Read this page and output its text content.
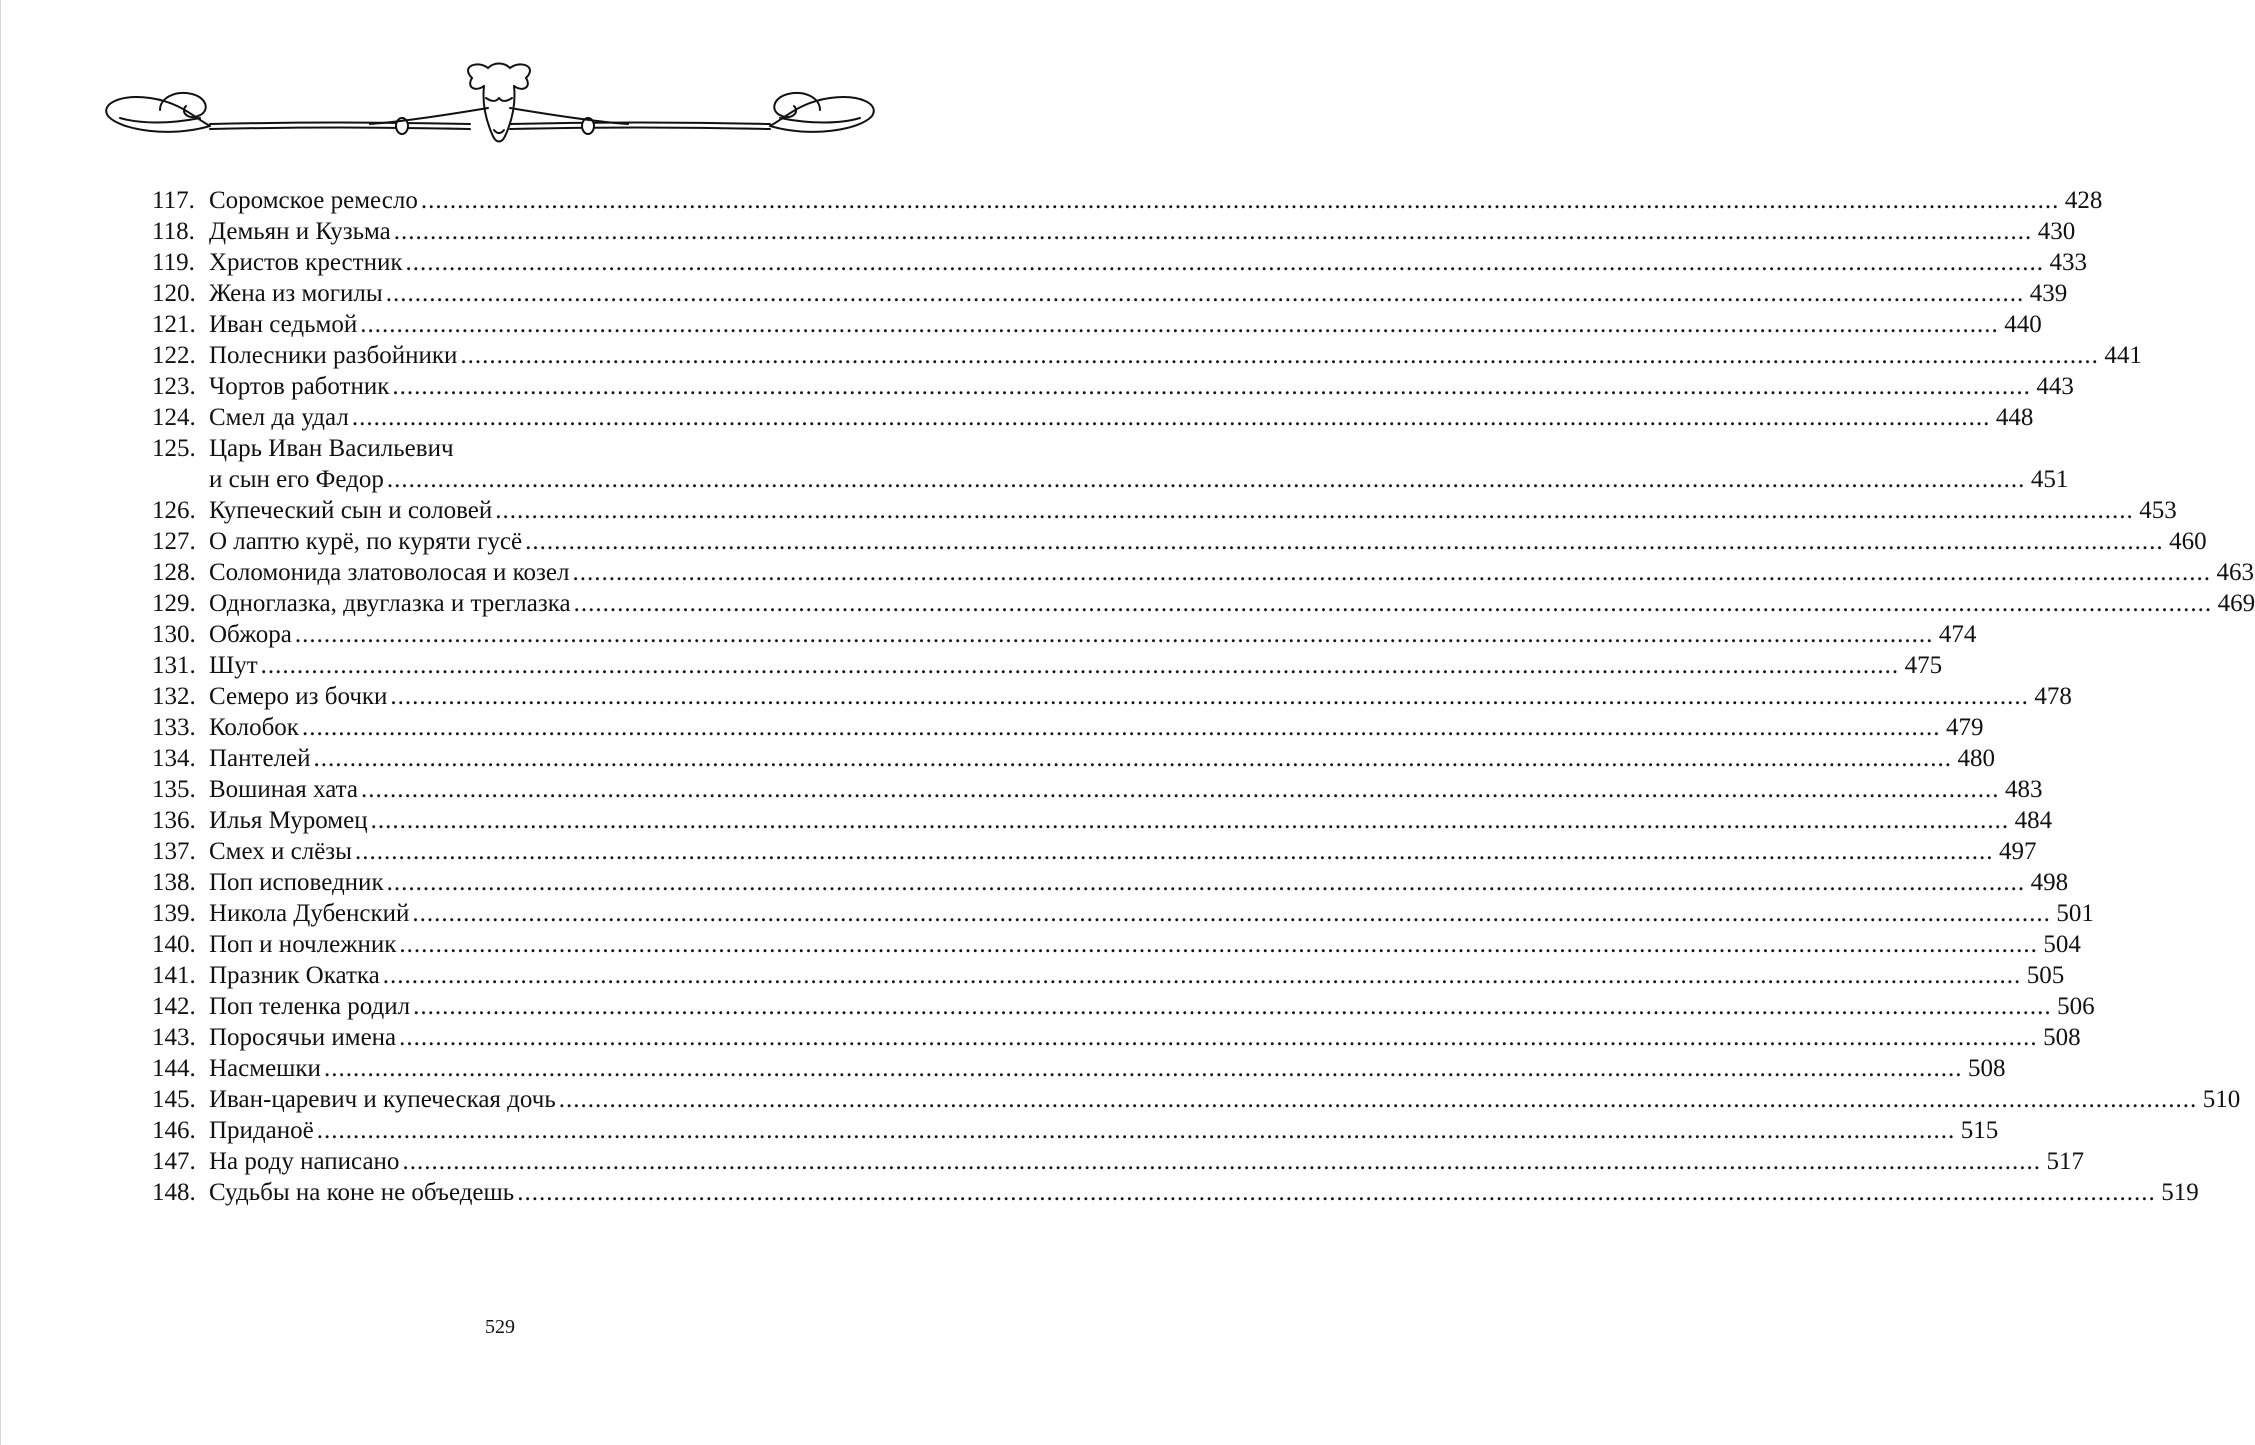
117. Соромское ремесло .....	428
118. Демьян и Кузьма .....	430
119. Христов крестник .....	433
120. Жена из могилы .....	439
121. Иван седьмой .....	440
122. Полесники разбойники .....	441
123. Чортов работник .....	443
124. Смел да удал .....	448
125. Царь Иван Васильевич
и сын его Федор .....	451
126. Купеческий сын и соловей .....	453
127. О лаптю курё, по куряти гусё .....	460
128. Соломонида златоволосая и козел .....	463
129. Одноглазка, двуглазка и треглазка .....	469
130. Обжора .....	474
131. Шут .....	475
132. Семеро из бочки .....	478
133. Колобок .....	479
134. Пантелей .....	480
135. Вошиная хата .....	483
136. Илья Муромец .....	484
137. Смех и слёзы .....	497
138. Поп исповедник .....	498
139. Никола Дубенский .....	501
140. Поп и ночлежник .....	504
141. Празник Окатка .....	505
142. Поп теленка родил .....	506
143. Поросячьи имена .....	508
144. Насмешки .....	508
145. Иван-царевич и купеческая дочь .....	510
146. Приданоё .....	515
147. На роду написано .....	517
148. Судьбы на коне не объедешь .....	519
529
